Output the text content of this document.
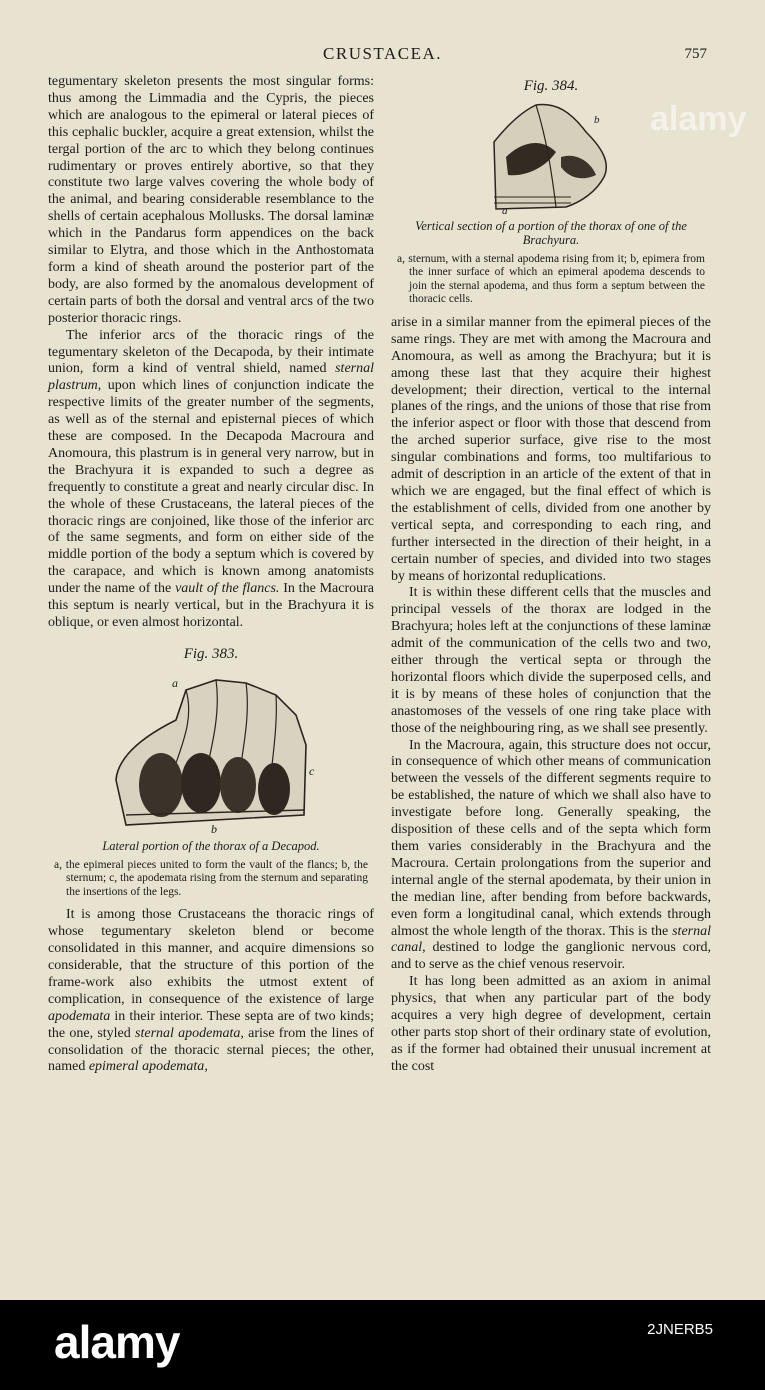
CRUSTACEA.	757

tegumentary skeleton presents the most singular forms: thus among the Limmadia and the Cypris, the pieces which are analogous to the epimeral or lateral pieces of this cephalic buckler, acquire a great extension, whilst the tergal portion of the arc to which they belong continues rudimentary or proves entirely abortive, so that they constitute two large valves covering the whole body of the animal, and bearing considerable resemblance to the shells of certain acephalous Mollusks. The dorsal laminæ which in the Pandarus form appendices on the back similar to Elytra, and those which in the Anthostomata form a kind of sheath around the posterior part of the body, are also formed by the anomalous development of certain parts of both the dorsal and ventral arcs of the two posterior thoracic rings.

The inferior arcs of the thoracic rings of the tegumentary skeleton of the Decapoda, by their intimate union, form a kind of ventral shield, named sternal plastrum, upon which lines of conjunction indicate the respective limits of the greater number of the segments, as well as of the sternal and episternal pieces of which these are composed. In the Decapoda Macroura and Anomoura, this plastrum is in general very narrow, but in the Brachyura it is expanded to such a degree as frequently to constitute a great and nearly circular disc. In the whole of these Crustaceans, the lateral pieces of the thoracic rings are conjoined, like those of the inferior arc of the same segments, and form on either side of the middle portion of the body a septum which is covered by the carapace, and which is known among anatomists under the name of the vault of the flancs. In the Macroura this septum is nearly vertical, but in the Brachyura it is oblique, or even almost horizontal.

Fig. 383.
a
b
c
Lateral portion of the thorax of a Decapod.
a, the epimeral pieces united to form the vault of the flancs; b, the sternum; c, the apodemata rising from the sternum and separating the insertions of the legs.

It is among those Crustaceans the thoracic rings of whose tegumentary skeleton blend or become consolidated in this manner, and acquire dimensions so considerable, that the structure of this portion of the frame-work also exhibits the utmost extent of complication, in consequence of the existence of large apodemata in their interior. These septa are of two kinds; the one, styled sternal apodemata, arise from the lines of consolidation of the thoracic sternal pieces; the other, named epimeral apodemata,

Fig. 384.
a
b
Vertical section of a portion of the thorax of one of the Brachyura.
a, sternum, with a sternal apodema rising from it; b, epimera from the inner surface of which an epimeral apodema descends to join the sternal apodema, and thus form a septum between the thoracic cells.

arise in a similar manner from the epimeral pieces of the same rings. They are met with among the Macroura and Anomoura, as well as among the Brachyura; but it is among these last that they acquire their highest development; their direction, vertical to the internal planes of the rings, and the unions of those that rise from the inferior aspect or floor with those that descend from the arched superior surface, give rise to the most singular combinations and forms, too multifarious to admit of description in an article of the extent of that in which we are engaged, but the final effect of which is the establishment of cells, divided from one another by vertical septa, and corresponding to each ring, and further intersected in the direction of their height, in a certain number of species, and divided into two stages by means of horizontal reduplications.

It is within these different cells that the muscles and principal vessels of the thorax are lodged in the Brachyura; holes left at the conjunctions of these laminæ admit of the communication of the cells two and two, either through the vertical septa or through the horizontal floors which divide the superposed cells, and it is by means of these holes of conjunction that the anastomoses of the vessels of one ring take place with those of the neighbouring ring, as we shall see presently.

In the Macroura, again, this structure does not occur, in consequence of which other means of communication between the vessels of the different segments require to be established, the nature of which we shall also have to investigate before long. Generally speaking, the disposition of these cells and of the septa which form them varies considerably in the Brachyura and the Macroura. Certain prolongations from the superior and internal angle of the sternal apodemata, by their union in the median line, after bending from before backwards, even form a longitudinal canal, which extends through almost the whole length of the thorax. This is the sternal canal, destined to lodge the ganglionic nervous cord, and to serve as the chief venous reservoir.

It has long been admitted as an axiom in animal physics, that when any particular part of the body acquires a very high degree of development, certain other parts stop short of their ordinary state of evolution, as if the former had obtained their unusual increment at the cost

alamy
alamy	2JNERB5
